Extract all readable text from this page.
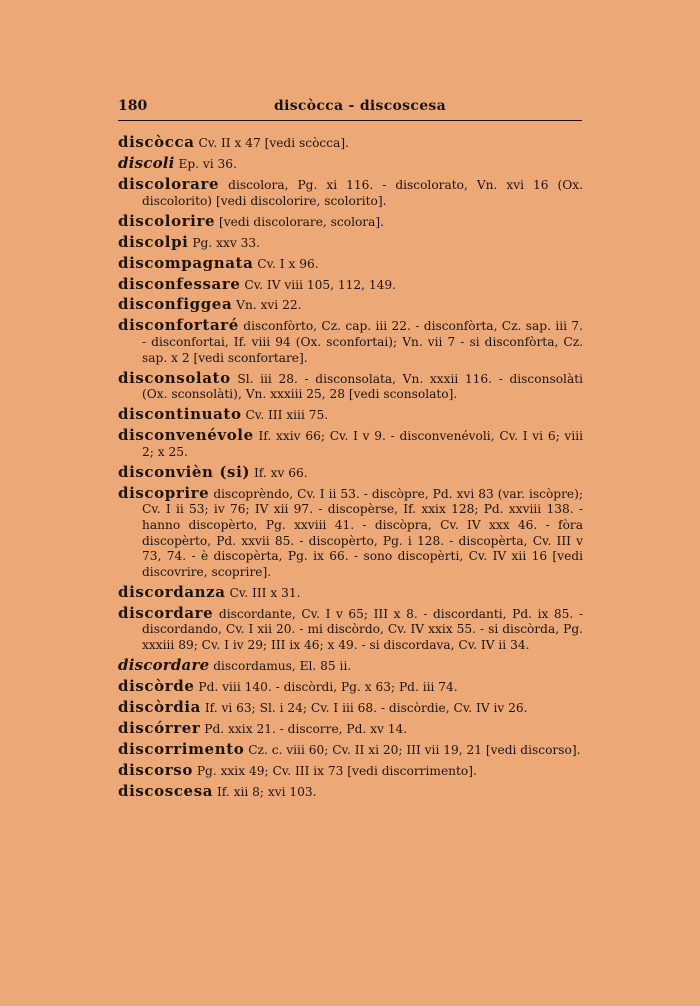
180	discòcca - discoscesa
discòcca Cv. II x 47 [vedi scòcca].
discoli Ep. vi 36.
discolorare discolora, Pg. xi 116. - discolorato, Vn. xvi 16 (Ox. discolorito) [vedi discolorire, scolorito].
discolorire [vedi discolorare, scolora].
discolpi Pg. xxv 33.
discompagnata Cv. I x 96.
disconfessare Cv. IV viii 105, 112, 149.
disconfiggea Vn. xvi 22.
disconfortaré disconfòrto, Cz. cap. iii 22. - disconfòrta, Cz. sap. iii 7. - disconfortai, If. viii 94 (Ox. sconfortai); Vn. vii 7 - si disconfòrta, Cz. sap. x 2 [vedi sconfortare].
disconsolato Sl. iii 28. - disconsolata, Vn. xxxii 116. - disconsolàti (Ox. sconsolàti), Vn. xxxiii 25, 28 [vedi sconsolato].
discontinuato Cv. III xiii 75.
disconvenévole If. xxiv 66; Cv. I v 9. - disconvenévoli, Cv. I vi 6; viii 2; x 25.
disconvièn (si) If. xv 66.
discoprire discoprèndo, Cv. I ii 53. - discòpre, Pd. xvi 83 (var. iscòpre); Cv. I ii 53; iv 76; IV xii 97. - discopèrse, If. xxix 128; Pd. xxviii 138. - hanno discopèrto, Pg. xxviii 41. - discòpra, Cv. IV xxx 46. - fòra discopèrto, Pd. xxvii 85. - discopèrto, Pg. i 128. - discopèrta, Cv. III v 73, 74. - è discopèrta, Pg. ix 66. - sono discopèrti, Cv. IV xii 16 [vedi discovrire, scoprire].
discordanza Cv. III x 31.
discordare discordante, Cv. I v 65; III x 8. - discordanti, Pd. ix 85. - discordando, Cv. I xii 20. - mi discòrdo, Cv. IV xxix 55. - si discòrda, Pg. xxxiii 89; Cv. I iv 29; III ix 46; x 49. - si discordava, Cv. IV ii 34.
discordare discordamus, El. 85 ii.
discòrde Pd. viii 140. - discòrdi, Pg. x 63; Pd. iii 74.
discòrdia If. vi 63; Sl. i 24; Cv. I iii 68. - discòrdie, Cv. IV iv 26.
discórrer Pd. xxix 21. - discorre, Pd. xv 14.
discorrimento Cz. c. viii 60; Cv. II xi 20; III vii 19, 21 [vedi discorso].
discorso Pg. xxix 49; Cv. III ix 73 [vedi discorrimento].
discoscesa If. xii 8; xvi 103.
